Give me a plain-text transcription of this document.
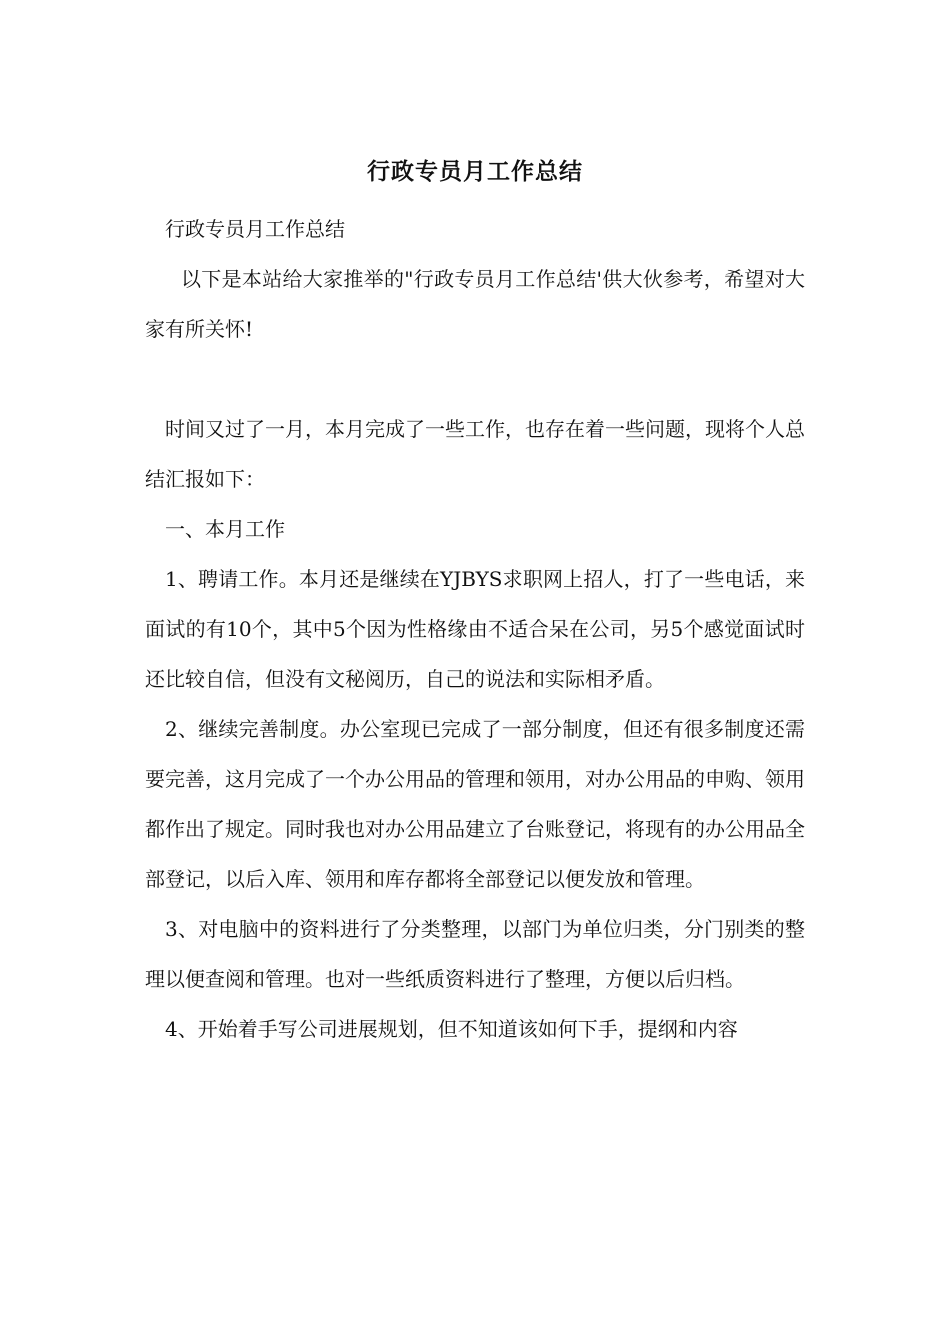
行政专员月工作总结

行政专员月工作总结

以下是本站给大家推举的"行政专员月工作总结'供大伙参考，希望对大家有所关怀!

时间又过了一月，本月完成了一些工作，也存在着一些问题，现将个人总结汇报如下：

一、本月工作

1、聘请工作。本月还是继续在YJBYS求职网上招人，打了一些电话，来面试的有10个，其中5个因为性格缘由不适合呆在公司，另5个感觉面试时还比较自信，但没有文秘阅历，自己的说法和实际相矛盾。

2、继续完善制度。办公室现已完成了一部分制度，但还有很多制度还需要完善，这月完成了一个办公用品的管理和领用，对办公用品的申购、领用都作出了规定。同时我也对办公用品建立了台账登记，将现有的办公用品全部登记，以后入库、领用和库存都将全部登记以便发放和管理。

3、对电脑中的资料进行了分类整理，以部门为单位归类，分门别类的整理以便查阅和管理。也对一些纸质资料进行了整理，方便以后归档。

4、开始着手写公司进展规划，但不知道该如何下手，提纲和内容
